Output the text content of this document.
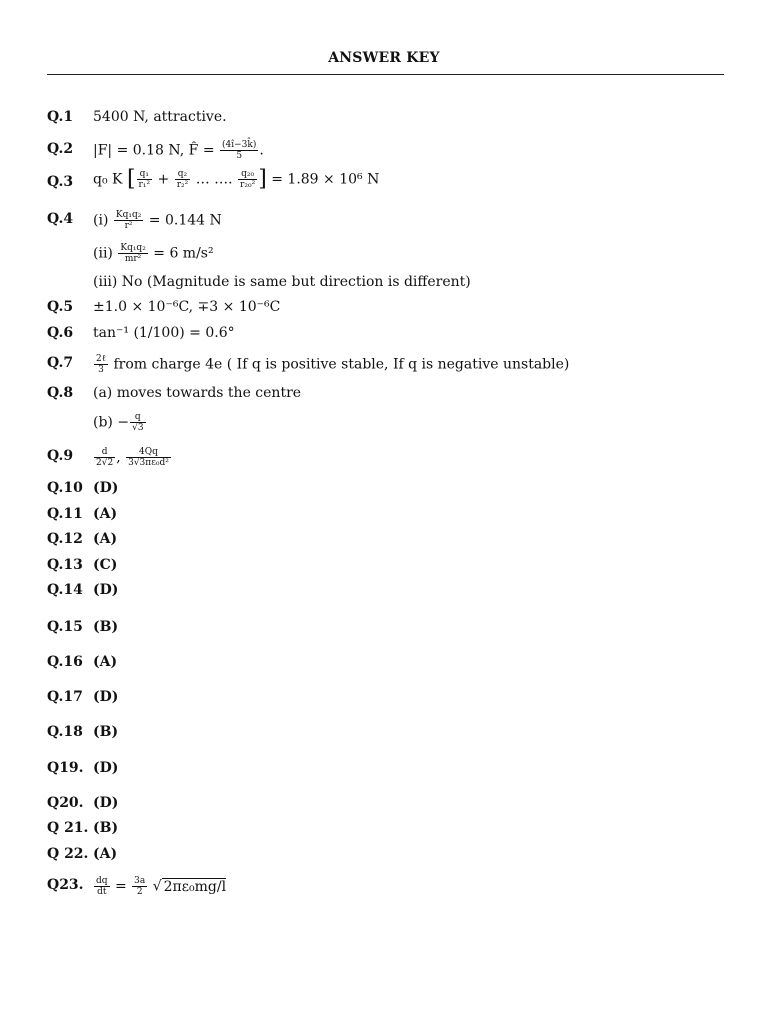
ANSWER KEY
Q.1 5400 N, attractive.
Q.2 |F| = 0.18 N, F̂ = $\frac{(4î-3k̂)}{5}$ .
Q.3 q₀ K [ $\frac{\text{q₁}}{\text{r₁²}} + \frac{\text{q₂}}{\text{r₂²}}$ … …. $\frac{\text{q₂₀}}{\text{r₂₀²}}$ ] = 1.89 × 10⁶ N
Q.4 $(i) \frac{\text{Kq₁q₂}}{\text{r²}} = 0.144$ N
$(ii) \frac{\text{Kq₁q₂}}{\text{mr²}} = 6$ m/s²
(iii) No (Magnitude is same but direction is different)
Q.5 ±1.0 × 10⁻⁶C, ∓3 × 10⁻⁶C
Q.6 tan⁻¹ (1/100) = 0.6°
$Q.7 \frac{\text{2ℓ}}{3}$ from charge 4e ( If q is positive stable, If q is negative unstable)
Q.8 (a) moves towards the centre
$(b) - \frac{q}{√3}$
$Q.9 \frac{d}{2√2}$ , $\frac{4Qq}{\text{3√3πε₀d²}}$
Q.10 (D)
Q.11 (A)
Q.12 (A)
Q.13 (C)
Q.14 (D)
Q.15 (B)
Q.16 (A)
Q.17 (D)
Q.18 (B)
Q19. (D)
Q20. (D)
Q 21. (B)
Q 22. (A)
Q23. $\frac{dq}{dt} = \frac{3a}{2}$ √ 2πε₀mg/l
